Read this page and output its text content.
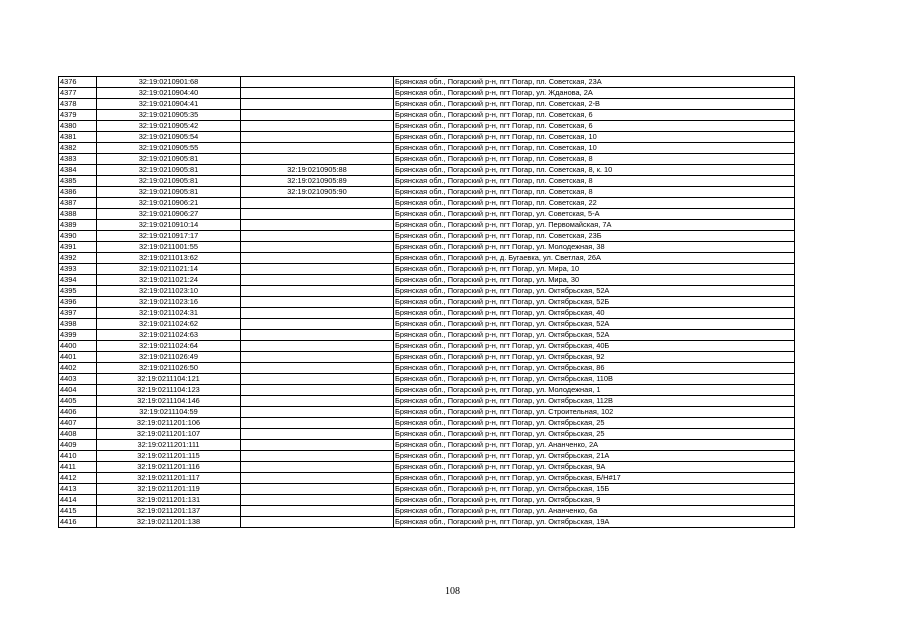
4376	32:19:0210901:68		Брянская обл., Погарский р-н, пгт Погар, пл. Советская, 23А
4377	32:19:0210904:40		Брянская обл., Погарский р-н, пгт Погар, ул. Жданова, 2А
4378	32:19:0210904:41		Брянская обл., Погарский р-н, пгт Погар, пл. Советская, 2-В
4379	32:19:0210905:35		Брянская обл., Погарский р-н, пгт Погар, пл. Советская, 6
4380	32:19:0210905:42		Брянская обл., Погарский р-н, пгт Погар, пл. Советская, 6
4381	32:19:0210905:54		Брянская обл., Погарский р-н, пгт Погар, пл. Советская, 10
4382	32:19:0210905:55		Брянская обл., Погарский р-н, пгт Погар, пл. Советская, 10
4383	32:19:0210905:81		Брянская обл., Погарский р-н, пгт Погар, пл. Советская, 8
4384	32:19:0210905:81	32:19:0210905:88	Брянская обл., Погарский р-н, пгт Погар, пл. Советская, 8, к. 10
4385	32:19:0210905:81	32:19:0210905:89	Брянская обл., Погарский р-н, пгт Погар, пл. Советская, 8
4386	32:19:0210905:81	32:19:0210905:90	Брянская обл., Погарский р-н, пгт Погар, пл. Советская, 8
4387	32:19:0210906:21		Брянская обл., Погарский р-н, пгт Погар, пл. Советская, 22
4388	32:19:0210906:27		Брянская обл., Погарский р-н, пгт Погар, ул. Советская, 5-А
4389	32:19:0210910:14		Брянская обл., Погарский р-н, пгт Погар, ул. Первомайская, 7А
4390	32:19:0210917:17		Брянская обл., Погарский р-н, пгт Погар, пл. Советская, 23Б
4391	32:19:0211001:55		Брянская обл., Погарский р-н, пгт Погар, ул. Молодежная, 38
4392	32:19:0211013:62		Брянская обл., Погарский р-н, д. Бугаевка, ул. Светлая, 26А
4393	32:19:0211021:14		Брянская обл., Погарский р-н, пгт Погар, ул. Мира, 10
4394	32:19:0211021:24		Брянская обл., Погарский р-н, пгт Погар, ул. Мира, 30
4395	32:19:0211023:10		Брянская обл., Погарский р-н, пгт Погар, ул. Октябрьская, 52А
4396	32:19:0211023:16		Брянская обл., Погарский р-н, пгт Погар, ул. Октябрьская, 52Б
4397	32:19:0211024:31		Брянская обл., Погарский р-н, пгт Погар, ул. Октябрьская, 40
4398	32:19:0211024:62		Брянская обл., Погарский р-н, пгт Погар, ул. Октябрьская, 52А
4399	32:19:0211024:63		Брянская обл., Погарский р-н, пгт Погар, ул. Октябрьская, 52А
4400	32:19:0211024:64		Брянская обл., Погарский р-н, пгт Погар, ул. Октябрьская, 40Б
4401	32:19:0211026:49		Брянская обл., Погарский р-н, пгт Погар, ул. Октябрьская, 92
4402	32:19:0211026:50		Брянская обл., Погарский р-н, пгт Погар, ул. Октябрьская, 86
4403	32:19:0211104:121		Брянская обл., Погарский р-н, пгт Погар, ул. Октябрьская, 110В
4404	32:19:0211104:123		Брянская обл., Погарский р-н, пгт Погар, ул. Молодежная, 1
4405	32:19:0211104:146		Брянская обл., Погарский р-н, пгт Погар, ул. Октябрьская, 112В
4406	32:19:0211104:59		Брянская обл., Погарский р-н, пгт Погар, ул. Строительная, 102
4407	32:19:0211201:106		Брянская обл., Погарский р-н, пгт Погар, ул. Октябрьская, 25
4408	32:19:0211201:107		Брянская обл., Погарский р-н, пгт Погар, ул. Октябрьская, 25
4409	32:19:0211201:111		Брянская обл., Погарский р-н, пгт Погар, ул. Ананченко, 2А
4410	32:19:0211201:115		Брянская обл., Погарский р-н, пгт Погар, ул. Октябрьская, 21А
4411	32:19:0211201:116		Брянская обл., Погарский р-н, пгт Погар, ул. Октябрьская, 9А
4412	32:19:0211201:117		Брянская обл., Погарский р-н, пгт Погар, ул. Октябрьская, Б/Н#17
4413	32:19:0211201:119		Брянская обл., Погарский р-н, пгт Погар, ул. Октябрьская, 15Б
4414	32:19:0211201:131		Брянская обл., Погарский р-н, пгт Погар, ул. Октябрьская, 9
4415	32:19:0211201:137		Брянская обл., Погарский р-н, пгт Погар, ул. Ананченко, 6а
4416	32:19:0211201:138		Брянская обл., Погарский р-н, пгт Погар, ул. Октябрьская, 19А
108
